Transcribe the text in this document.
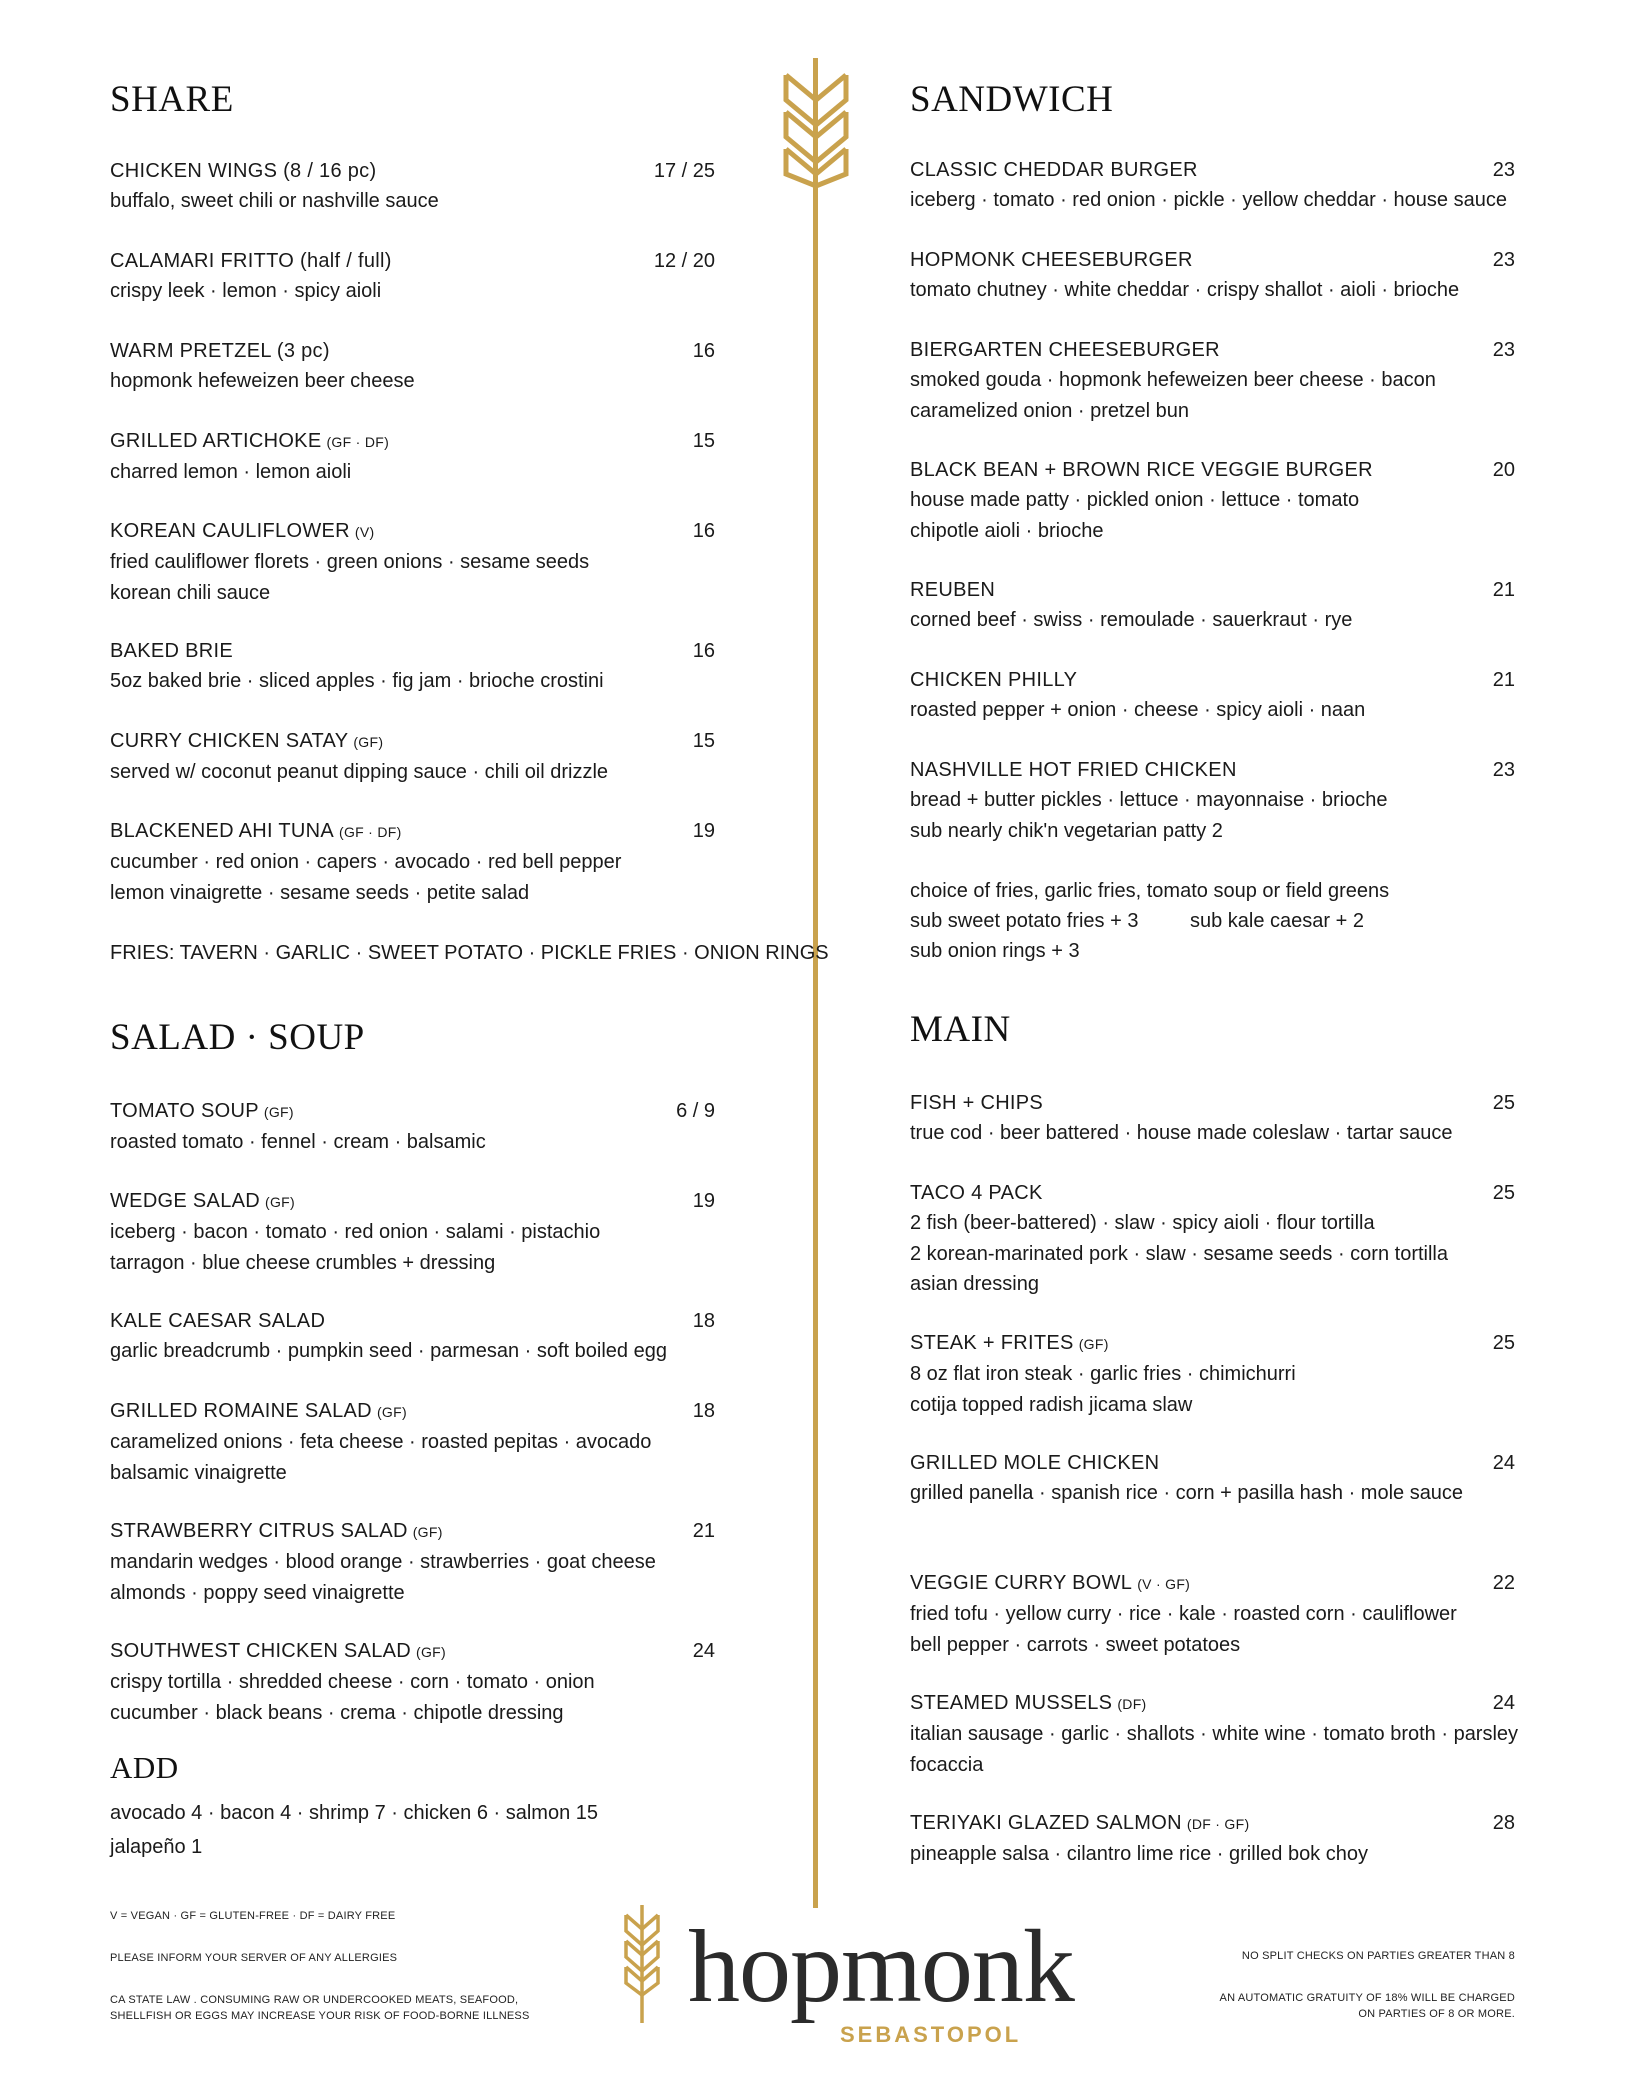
SHARE
CHICKEN WINGS (8 / 16 pc)	17 / 25
buffalo, sweet chili or nashville sauce
CALAMARI FRITTO (half / full)	12 / 20
crispy leek · lemon · spicy aioli
WARM PRETZEL (3 pc)	16
hopmonk hefeweizen beer cheese
GRILLED ARTICHOKE (GF · DF)	15
charred lemon · lemon aioli
KOREAN CAULIFLOWER (V)	16
fried cauliflower florets · green onions · sesame seeds
korean chili sauce
BAKED BRIE	16
5oz baked brie · sliced apples · fig jam · brioche crostini
CURRY CHICKEN SATAY (GF)	15
served w/ coconut peanut dipping sauce · chili oil drizzle
BLACKENED AHI TUNA (GF · DF)	19
cucumber · red onion · capers · avocado · red bell pepper
lemon vinaigrette · sesame seeds · petite salad
FRIES: TAVERN · GARLIC · SWEET POTATO · PICKLE FRIES · ONION RINGS
SALAD · SOUP
TOMATO SOUP (GF)	6 / 9
roasted tomato · fennel · cream · balsamic
WEDGE SALAD (GF)	19
iceberg · bacon · tomato · red onion · salami · pistachio
tarragon · blue cheese crumbles + dressing
KALE CAESAR SALAD	18
garlic breadcrumb · pumpkin seed · parmesan · soft boiled egg
GRILLED ROMAINE SALAD (GF)	18
caramelized onions · feta cheese · roasted pepitas · avocado
balsamic vinaigrette
STRAWBERRY CITRUS SALAD (GF)	21
mandarin wedges · blood orange · strawberries · goat cheese
almonds · poppy seed vinaigrette
SOUTHWEST CHICKEN SALAD (GF)	24
crispy tortilla · shredded cheese · corn · tomato · onion
cucumber · black beans · crema · chipotle dressing
ADD
avocado 4 · bacon 4 · shrimp 7 · chicken 6 · salmon 15
jalapeño 1
SANDWICH
CLASSIC CHEDDAR BURGER	23
iceberg · tomato · red onion · pickle · yellow cheddar · house sauce
HOPMONK CHEESEBURGER	23
tomato chutney · white cheddar · crispy shallot · aioli · brioche
BIERGARTEN CHEESEBURGER	23
smoked gouda · hopmonk hefeweizen beer cheese · bacon
caramelized onion · pretzel bun
BLACK BEAN + BROWN RICE VEGGIE BURGER	20
house made patty · pickled onion · lettuce · tomato
chipotle aioli · brioche
REUBEN	21
corned beef · swiss · remoulade · sauerkraut · rye
CHICKEN PHILLY	21
roasted pepper + onion · cheese · spicy aioli · naan
NASHVILLE HOT FRIED CHICKEN	23
bread + butter pickles · lettuce · mayonnaise · brioche
sub nearly chik'n vegetarian patty 2
choice of fries, garlic fries, tomato soup or field greens
sub sweet potato fries + 3	sub kale caesar + 2
sub onion rings + 3
MAIN
FISH + CHIPS	25
true cod · beer battered · house made coleslaw · tartar sauce
TACO 4 PACK	25
2 fish (beer-battered) · slaw · spicy aioli · flour tortilla
2 korean-marinated pork · slaw · sesame seeds · corn tortilla
asian dressing
STEAK + FRITES (GF)	25
8 oz flat iron steak · garlic fries · chimichurri
cotija topped radish jicama slaw
GRILLED MOLE CHICKEN	24
grilled panella · spanish rice · corn + pasilla hash · mole sauce
VEGGIE CURRY BOWL (V · GF)	22
fried tofu · yellow curry · rice · kale · roasted corn · cauliflower
bell pepper · carrots · sweet potatoes
STEAMED MUSSELS (DF)	24
italian sausage · garlic · shallots · white wine · tomato broth · parsley
focaccia
TERIYAKI GLAZED SALMON (DF · GF)	28
pineapple salsa · cilantro lime rice · grilled bok choy
V = VEGAN · GF = GLUTEN-FREE · DF = DAIRY FREE
PLEASE INFORM YOUR SERVER OF ANY ALLERGIES
CA STATE LAW . CONSUMING RAW OR UNDERCOOKED MEATS, SEAFOOD,
SHELLFISH OR EGGS MAY INCREASE YOUR RISK OF FOOD-BORNE ILLNESS
NO SPLIT CHECKS ON PARTIES GREATER THAN 8
AN AUTOMATIC GRATUITY OF 18% WILL BE CHARGED
ON PARTIES OF 8 OR MORE.
hopmonk
SEBASTOPOL
